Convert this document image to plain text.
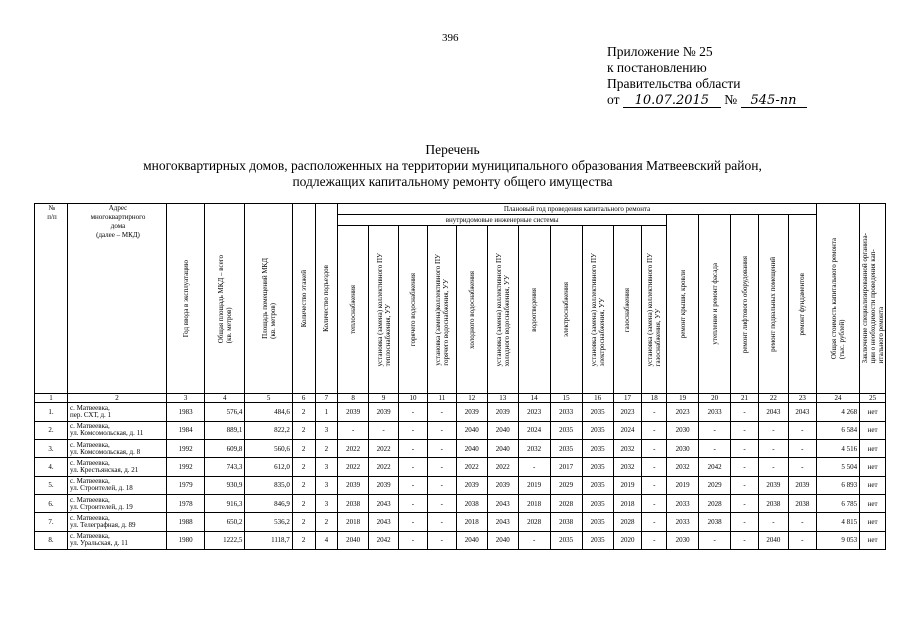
396
Приложение № 25
к постановлению
Правительства области
от 10.07.2015 № 545-пп
Перечень
многоквартирных домов, расположенных на территории муниципального образования Матвеевский район,
подлежащих капитальному ремонту общего имущества
№
п/п	Адрес
многоквартирного
дома
(далее – МКД)	Год ввода в эксплуатацию	Общая площадь МКД – всего
(кв. метров)	Площадь помещений МКД
(кв. метров)	Количество этажей	Количество подъездов	Плановый год проведения капитального ремонта																Общая стоимость капитального ремонта
(тыс. рублей)	Заключение специализированной организа-
ции о необходимости проведения кап-
итального ремонта

							внутридомовые инженерные системы											ремонт крыши, кровли	утепление и ремонт фасада	ремонт лифтового оборудования	ремонт подвальных помещений	ремонт фундаментов		

							теплоснабжения	установка (замена) коллективного ПУ
теплоснабжения, УУ	горячего водоснабжения	установка (замена)коллективного ПУ
горячего водоснабжения, УУ	холодного водоснабжения	установка (замена) коллективного ПУ
холодного водоснабжения, УУ	водоотведения	электроснабжения	установка (замена) коллективного ПУ
электроснабжения, УУ	газоснабжения	установка (замена) коллективного ПУ
газоснабжения, УУ							

1	2	3	4	5	6	7	8	9	10	11	12	13	14	15	16	17	18	19	20	21	22	23	24	25
1.	с. Матвеевка,
пер. СХТ, д. 1	1983	576,4	484,6	2	1	2039	2039	-	-	2039	2039	2023	2033	2035	2023	-	2023	2033	-	2043	2043	4 268	нет
2.	с. Матвеевка,
ул. Комсомольская, д. 11	1984	889,1	822,2	2	3	-	-	-	-	2040	2040	2024	2035	2035	2024	-	2030	-	-	-	-	6 584	нет
3.	с. Матвеевка,
ул. Комсомольская, д. 8	1992	609,8	560,6	2	2	2022	2022	-	-	2040	2040	2032	2035	2035	2032	-	2030	-	-	-	-	4 516	нет
4.	с. Матвеевка,
ул. Крестьянская, д. 21	1992	743,3	612,0	2	3	2022	2022	-	-	2022	2022	-	2017	2035	2032	-	2032	2042	-	-	-	5 504	нет
5.	с. Матвеевка,
ул. Строителей, д. 18	1979	930,9	835,0	2	3	2039	2039	-	-	2039	2039	2019	2029	2035	2019	-	2019	2029	-	2039	2039	6 893	нет
6.	с. Матвеевка,
ул. Строителей, д. 19	1978	916,3	846,9	2	3	2038	2043	-	-	2038	2043	2018	2028	2035	2018	-	2033	2028	-	2038	2038	6 785	нет
7.	с. Матвеевка,
ул. Телеграфная, д. 89	1988	650,2	536,2	2	2	2018	2043	-	-	2018	2043	2028	2038	2035	2028	-	2033	2038	-	-	-	4 815	нет
8.	с. Матвеевка,
ул. Уральская, д. 11	1980	1222,5	1118,7	2	4	2040	2042	-	-	2040	2040	-	2035	2035	2020	-	2030	-	-	2040	-	9 053	нет
